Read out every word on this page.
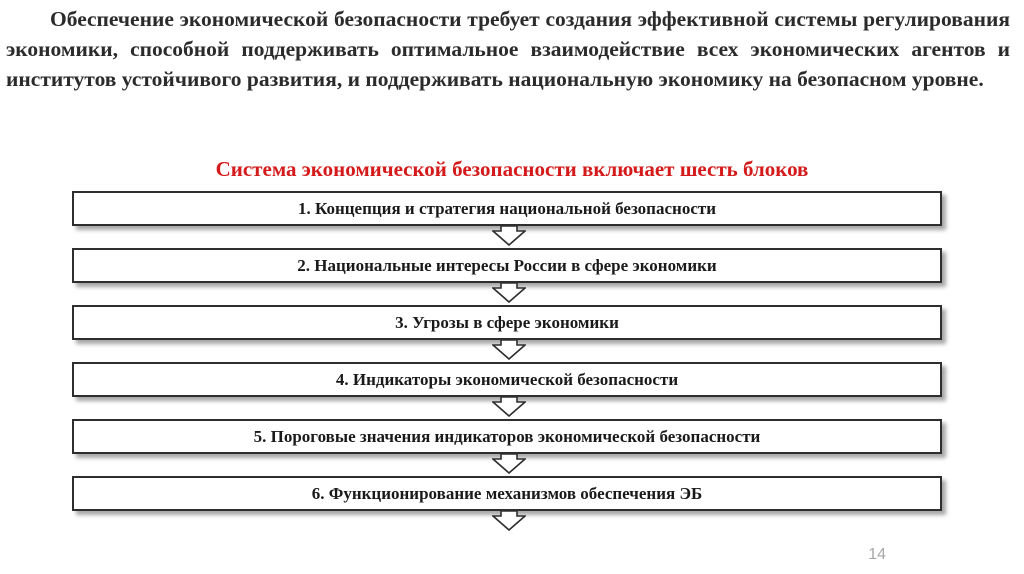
Обеспечение экономической безопасности требует создания эффективной системы регулирования экономики, способной поддерживать оптимальное взаимодействие всех экономических агентов и институтов устойчивого развития, и поддерживать национальную экономику на безопасном уровне.

Система экономической безопасности включает шесть блоков

1. Концепция и стратегия национальной безопасности
2. Национальные интересы России в сфере экономики
3. Угрозы в сфере экономики
4. Индикаторы экономической безопасности
5. Пороговые значения индикаторов экономической безопасности
6. Функционирование механизмов обеспечения ЭБ
14
